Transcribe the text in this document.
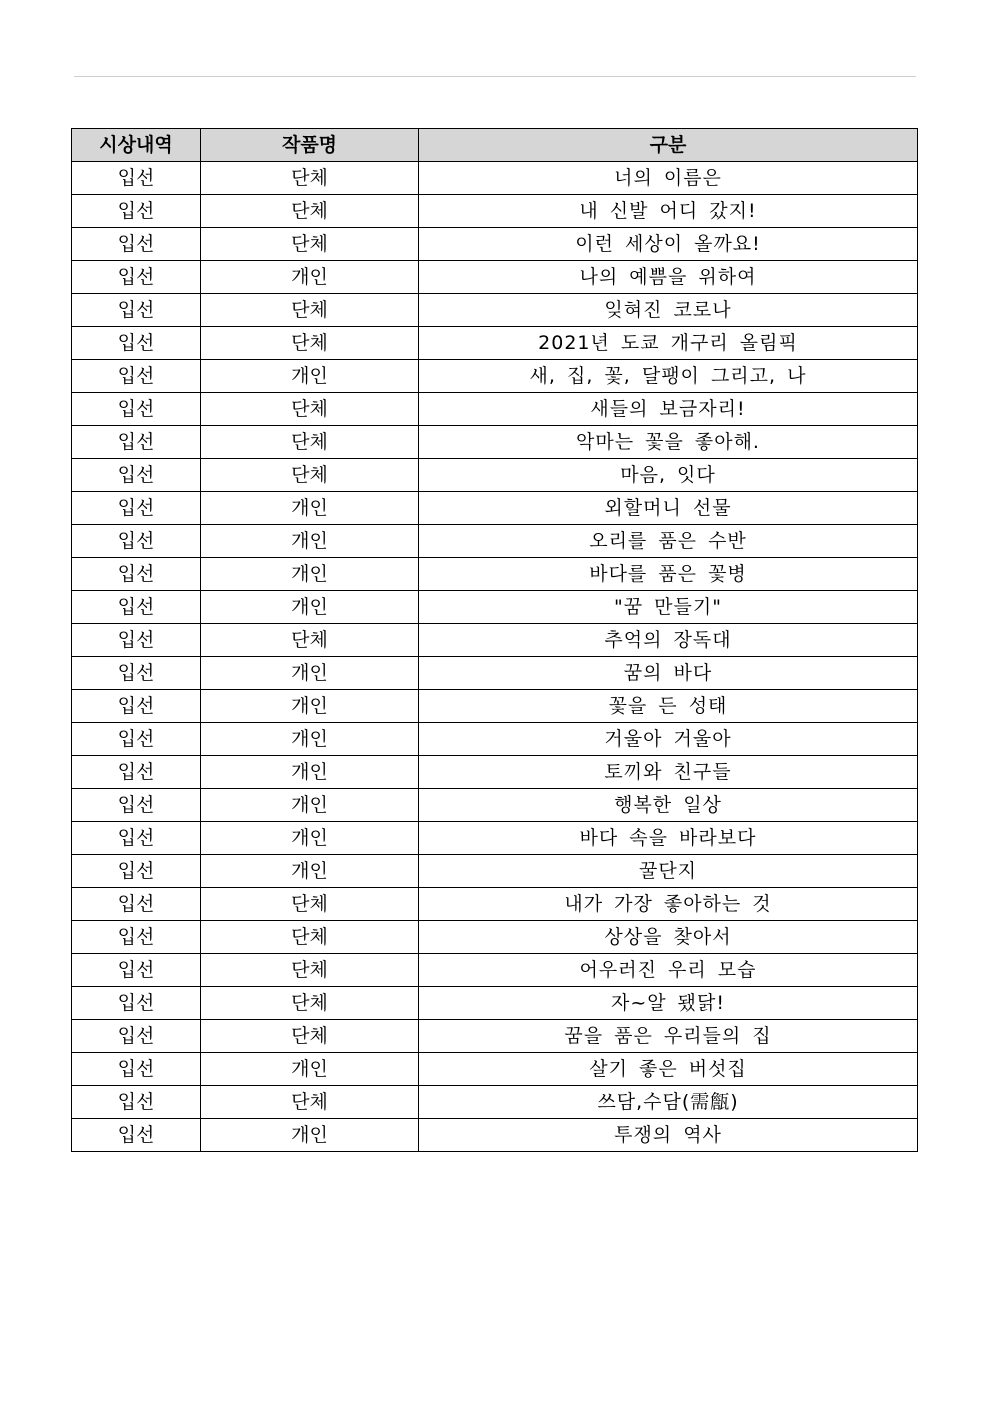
시상내역	작품명	구분
입선	단체	너의 이름은
입선	단체	내 신발 어디 갔지!
입선	단체	이런 세상이 올까요!
입선	개인	나의 예쁨을 위하여
입선	단체	잊혀진 코로나
입선	단체	2021년 도쿄 개구리 올림픽
입선	개인	새, 집, 꽃, 달팽이 그리고, 나
입선	단체	새들의 보금자리!
입선	단체	악마는 꽃을 좋아해.
입선	단체	마음, 잇다
입선	개인	외할머니 선물
입선	개인	오리를 품은 수반
입선	개인	바다를 품은 꽃병
입선	개인	"꿈 만들기"
입선	단체	추억의 장독대
입선	개인	꿈의 바다
입선	개인	꽃을 든 성태
입선	개인	거울아 거울아
입선	개인	토끼와 친구들
입선	개인	행복한 일상
입선	개인	바다 속을 바라보다
입선	개인	꿀단지
입선	단체	내가 가장 좋아하는 것
입선	단체	상상을 찾아서
입선	단체	어우러진 우리 모습
입선	단체	자~알 됐닭!
입선	단체	꿈을 품은 우리들의 집
입선	개인	살기 좋은 버섯집
입선	단체	쓰담,수담(需甔)
입선	개인	투쟁의 역사
